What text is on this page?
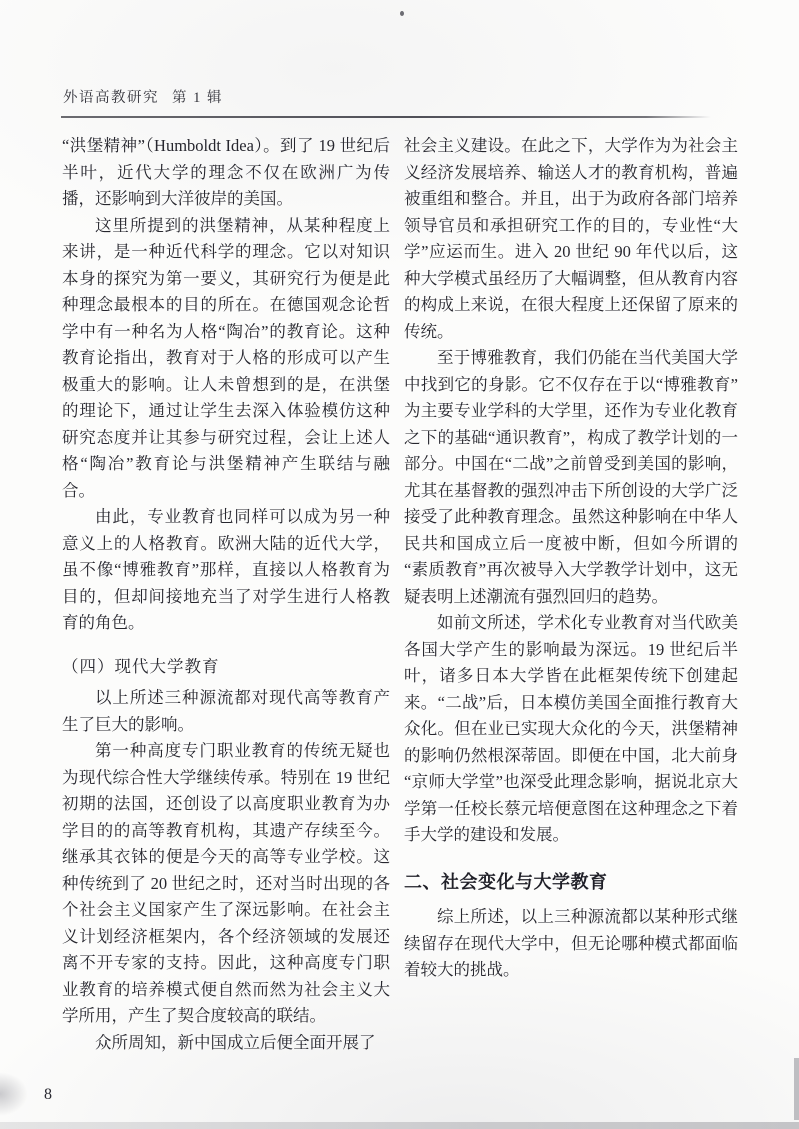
外语高教研究 第 1 辑

“洪堡精神”（Humboldt Idea）。到了 19 世纪后半叶，近代大学的理念不仅在欧洲广为传播，还影响到大洋彼岸的美国。

这里所提到的洪堡精神，从某种程度上来讲，是一种近代科学的理念。它以对知识本身的探究为第一要义，其研究行为便是此种理念最根本的目的所在。在德国观念论哲学中有一种名为人格“陶冶”的教育论。这种教育论指出，教育对于人格的形成可以产生极重大的影响。让人未曾想到的是，在洪堡的理论下，通过让学生去深入体验模仿这种研究态度并让其参与研究过程，会让上述人格“陶冶”教育论与洪堡精神产生联结与融合。

由此，专业教育也同样可以成为另一种意义上的人格教育。欧洲大陆的近代大学，虽不像“博雅教育”那样，直接以人格教育为目的，但却间接地充当了对学生进行人格教育的角色。

（四）现代大学教育

以上所述三种源流都对现代高等教育产生了巨大的影响。

第一种高度专门职业教育的传统无疑也为现代综合性大学继续传承。特别在 19 世纪初期的法国，还创设了以高度职业教育为办学目的的高等教育机构，其遗产存续至今。继承其衣钵的便是今天的高等专业学校。这种传统到了 20 世纪之时，还对当时出现的各个社会主义国家产生了深远影响。在社会主义计划经济框架内，各个经济领域的发展还离不开专家的支持。因此，这种高度专门职业教育的培养模式便自然而然为社会主义大学所用，产生了契合度较高的联结。

众所周知，新中国成立后便全面开展了

社会主义建设。在此之下，大学作为为社会主义经济发展培养、输送人才的教育机构，普遍被重组和整合。并且，出于为政府各部门培养领导官员和承担研究工作的目的，专业性“大学”应运而生。进入 20 世纪 90 年代以后，这种大学模式虽经历了大幅调整，但从教育内容的构成上来说，在很大程度上还保留了原来的传统。

至于博雅教育，我们仍能在当代美国大学中找到它的身影。它不仅存在于以“博雅教育”为主要专业学科的大学里，还作为专业化教育之下的基础“通识教育”，构成了教学计划的一部分。中国在“二战”之前曾受到美国的影响，尤其在基督教的强烈冲击下所创设的大学广泛接受了此种教育理念。虽然这种影响在中华人民共和国成立后一度被中断，但如今所谓的“素质教育”再次被导入大学教学计划中，这无疑表明上述潮流有强烈回归的趋势。

如前文所述，学术化专业教育对当代欧美各国大学产生的影响最为深远。19 世纪后半叶，诸多日本大学皆在此框架传统下创建起来。“二战”后，日本模仿美国全面推行教育大众化。但在业已实现大众化的今天，洪堡精神的影响仍然根深蒂固。即便在中国，北大前身“京师大学堂”也深受此理念影响，据说北京大学第一任校长蔡元培便意图在这种理念之下着手大学的建设和发展。

二、社会变化与大学教育

综上所述，以上三种源流都以某种形式继续留存在现代大学中，但无论哪种模式都面临着较大的挑战。

8
